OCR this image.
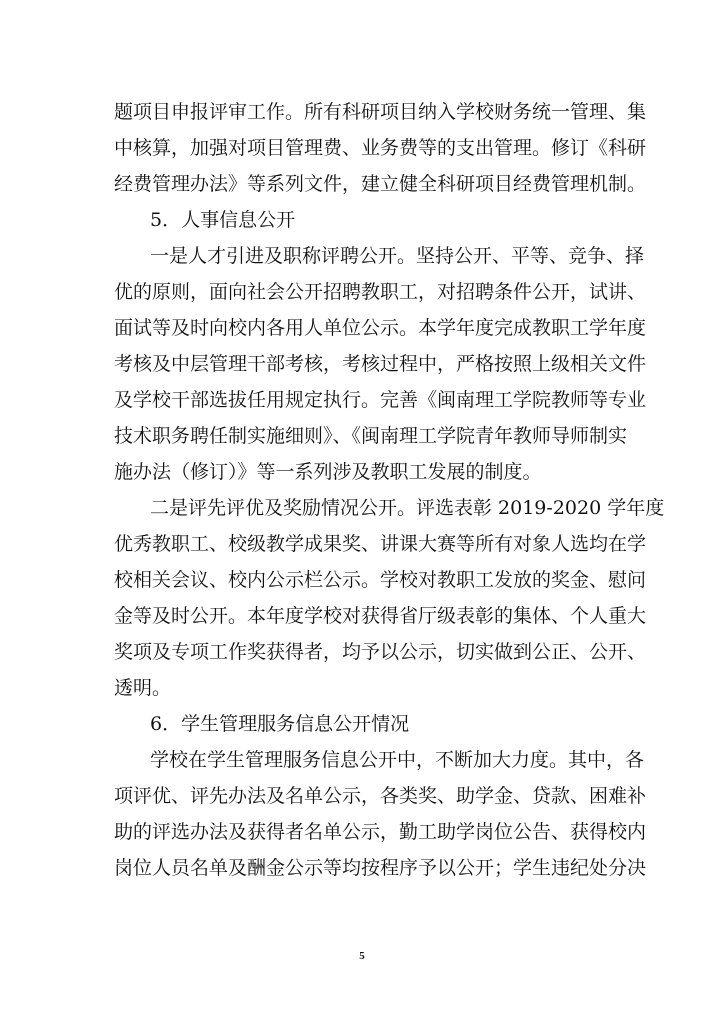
题项目申报评审工作。所有科研项目纳入学校财务统一管理、集
中核算，加强对项目管理费、业务费等的支出管理。修订《科研
经费管理办法》等系列文件，建立健全科研项目经费管理机制。
5．人事信息公开
一是人才引进及职称评聘公开。坚持公开、平等、竞争、择
优的原则，面向社会公开招聘教职工，对招聘条件公开，试讲、
面试等及时向校内各用人单位公示。本学年度完成教职工学年度
考核及中层管理干部考核，考核过程中，严格按照上级相关文件
及学校干部选拔任用规定执行。完善《闽南理工学院教师等专业
技术职务聘任制实施细则》、《闽南理工学院青年教师导师制实
施办法（修订）》等一系列涉及教职工发展的制度。
二是评先评优及奖励情况公开。评选表彰 2019-2020 学年度
优秀教职工、校级教学成果奖、讲课大赛等所有对象人选均在学
校相关会议、校内公示栏公示。学校对教职工发放的奖金、慰问
金等及时公开。本年度学校对获得省厅级表彰的集体、个人重大
奖项及专项工作奖获得者，均予以公示，切实做到公正、公开、
透明。
6．学生管理服务信息公开情况
学校在学生管理服务信息公开中，不断加大力度。其中，各
项评优、评先办法及名单公示，各类奖、助学金、贷款、困难补
助的评选办法及获得者名单公示，勤工助学岗位公告、获得校内
岗位人员名单及酬金公示等均按程序予以公开；学生违纪处分决
5
